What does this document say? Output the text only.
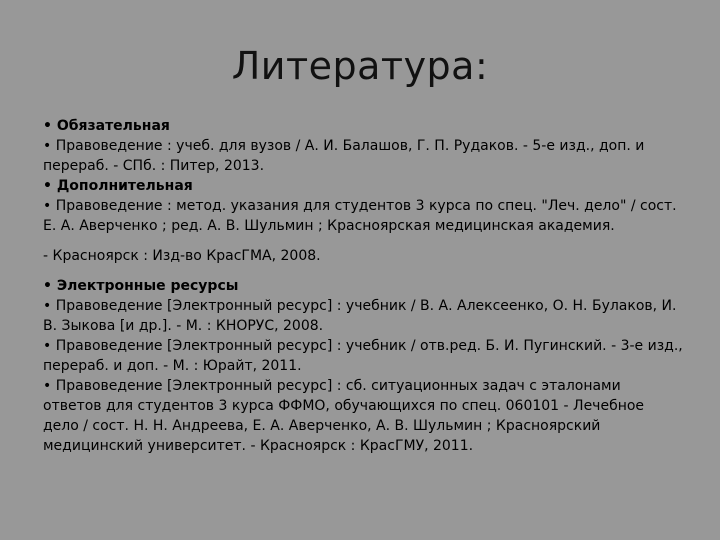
Литература:

• Обязательная

• Правоведение : учеб. для вузов / А. И. Балашов, Г. П. Рудаков. - 5-е изд., доп. и перераб. - СПб. : Питер, 2013.

• Дополнительная

• Правоведение : метод. указания для студентов 3 курса по спец. "Леч. дело" / сост. Е. А. Аверченко ; ред. А. В. Шульмин ; Красноярская медицинская академия.

- Красноярск : Изд-во КрасГМА, 2008.

• Электронные ресурсы

• Правоведение [Электронный ресурс] : учебник / В. А. Алексеенко, О. Н. Булаков, И. В. Зыкова [и др.]. - М. : КНОРУС, 2008.

• Правоведение [Электронный ресурс] : учебник / отв.ред. Б. И. Пугинский. - 3-е изд., перераб. и доп. - М. : Юрайт, 2011.

• Правоведение [Электронный ресурс] : сб. ситуационных задач с эталонами ответов для студентов 3 курса ФФМО, обучающихся по спец. 060101 - Лечебное дело / сост. Н. Н. Андреева, Е. А. Аверченко, А. В. Шульмин ; Красноярский медицинский университет. - Красноярск : КрасГМУ, 2011.
